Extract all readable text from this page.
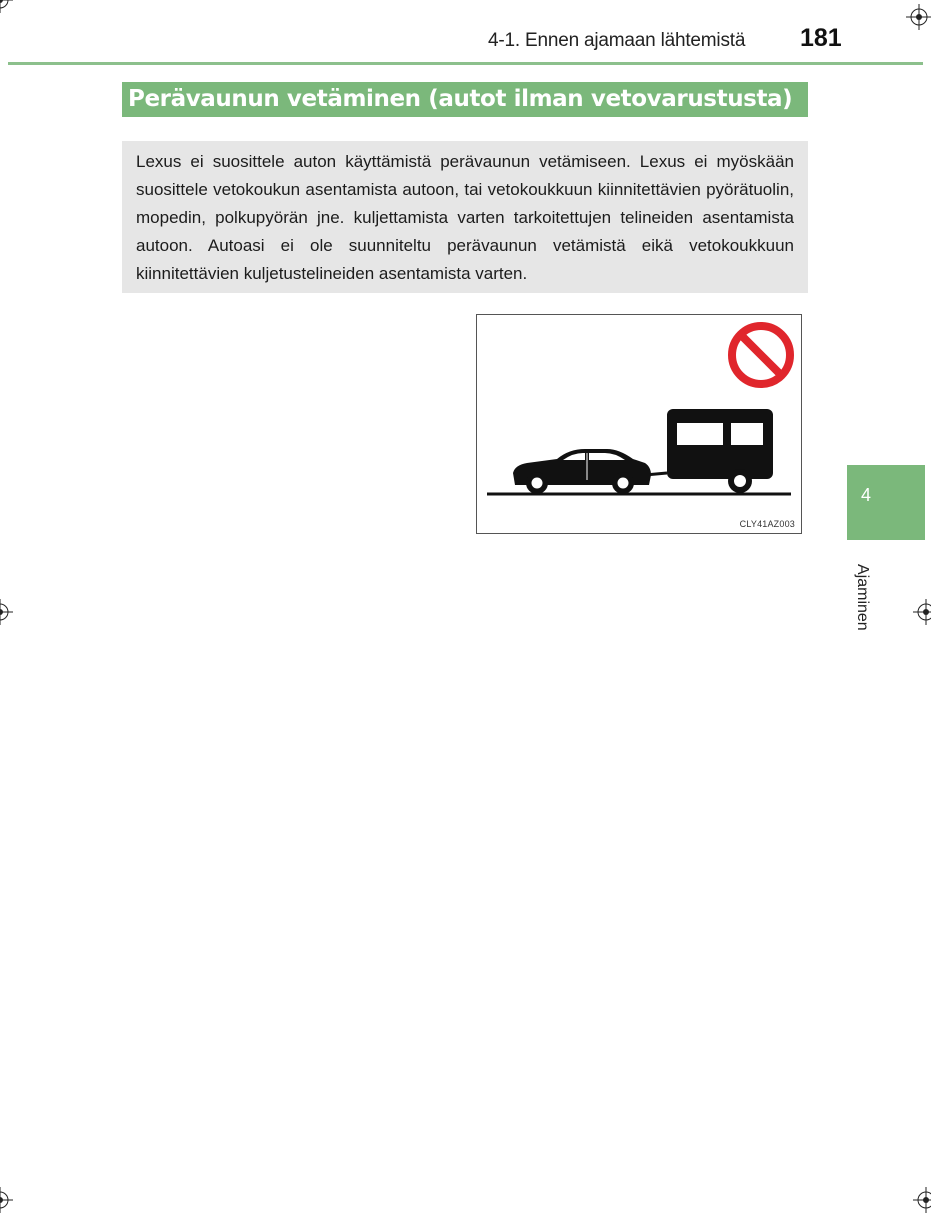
4-1. Ennen ajamaan lähtemistä 181
Perävaunun vetäminen (autot ilman vetovarustusta)

Lexus ei suosittele auton käyttämistä perävaunun vetämiseen. Lexus ei myöskään suosittele vetokoukun asentamista autoon, tai vetokoukkuun kiinnitettävien pyörätuolin, mopedin, polkupyörän jne. kuljettamista varten tarkoitettujen telineiden asentamista autoon. Autoasi ei ole suunniteltu perävaunun vetämistä eikä vetokoukkuun kiinnitettävien kuljetustelineiden asentamista varten.

CLY41AZ003
4
Ajaminen
